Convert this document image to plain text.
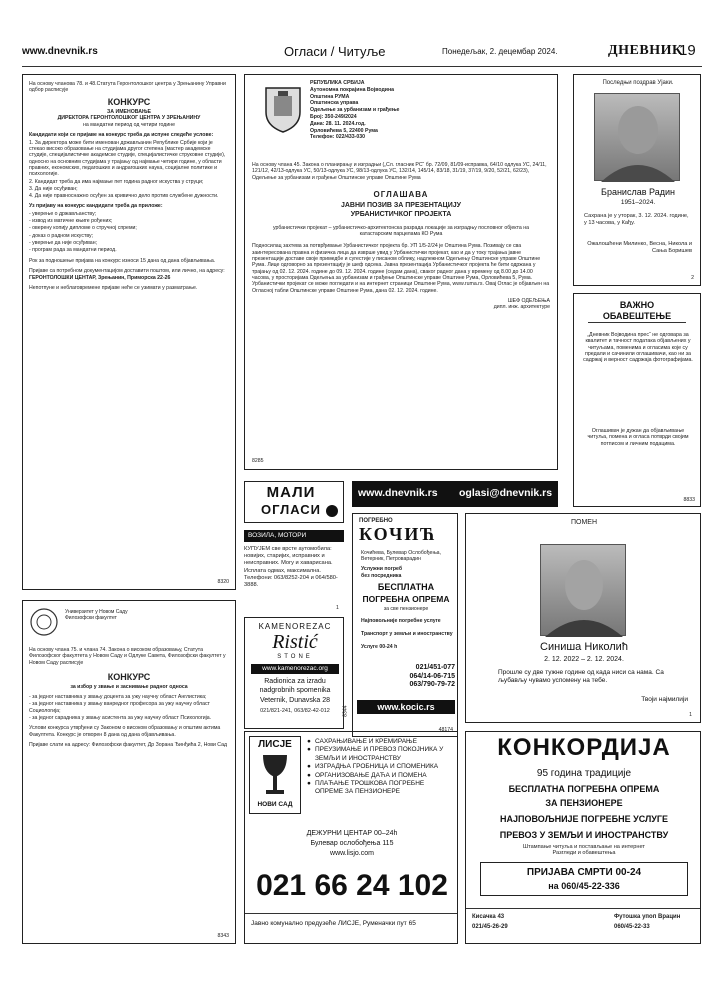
www.dnevnik.rs	Огласи / Читуље	Понедељак, 2. децембар 2024.	ДНЕВНИК
19

На основу чланова 78. и 48.Статута Геронтолошког центра у Зрењанину Управни одбор расписује

КОНКУРС

ЗА ИМЕНОВАЊЕ
ДИРЕКТОРА ГЕРОНТОЛОШКОГ ЦЕНТРА У ЗРЕЊАНИНУ

на мандатни период од четири године

Кандидати који се пријаве на конкурс треба да испуне следеће услове:

1. За директора може бити именован држављанин Републике Србије који је стекао високо образовање на студијама другог степена (мастер академске студије, специјалистичке академске студије, специјалистичке струковне студије), односно на основним студијама у трајању од најмање четири године, у области правних, економских, педагошких и андрагошких наука, социјалне политике и психологије.

2. Кандидат треба да има најмање пет година радног искуства у струци;

3. Да није осуђиван;

4. Да није правноснажно осуђен за кривично дело против службене дужности.

Уз пријаву на конкурс кандидати треба да приложе:

- уверење о држављанству;

- извод из матичне књиге рођених;

- оверену копију дипломе о стручној спреми;

- доказ о радном искуству;

- уверење да није осуђиван;

- програм рада за мандатни период.

Рок за подношење пријава на конкурс износи 15 дана од дана објављивања.

Пријаве са потребном документацијом доставити поштом, или лично, на адресу:

ГЕРОНТОЛОШКИ ЦЕНТАР, Зрењанин, Приморска 22-26

Непотпуне и неблаговремене пријаве неће се узимати у разматрање.

8320
РЕПУБЛИКА СРБИЈА
Аутономна покрајина Војводина
Општина РУМА
Општинска управа
Одељење за урбанизам и грађење
Број: 350-249/2024
Дана: 28. 11. 2024.год.
Орловићева 5, 22400 Рума
Телефон: 022/433-030

На основу члана 45. Закона о планирању и изградњи („Сл. гласник РС“ бр. 72/09, 81/09-исправка, 64/10 одлука УС, 24/11, 121/12, 42/13-одлука УС, 50/13-одлука УС, 98/13-одлука УС, 132/14, 145/14, 83/18, 31/19, 37/19, 9/20, 52/21, 62/23), Одељење за урбанизам и грађење Општинске управе Општине Рума

ОГЛАШАВА

ЈАВНИ ПОЗИВ ЗА ПРЕЗЕНТАЦИЈУ УРБАНИСТИЧКОГ ПРОЈЕКТА

урбанистички пројекат – урбанистичко-архитектонска разрада локације за изградњу пословног објекта на катастарским парцелама КО Рума

Подносилац захтева за потврђивање Урбанистичког пројекта бр. УП 1/5-2/24 је Општина Рума. Позивају се сва заинтересована правна и физичка лица да изврше увид у Урбанистички пројекат, као и да у току трајања јавне презентације доставе своје примедбе и сугестије у писаном облику, надлежном Одељењу Општинске управе Општине Рума. Лице одговорно за презентацију је шеф одсека. Јавна презентација Урбанистичког пројекта ће бити одржана у трајању од 02. 12. 2024. године до 09. 12. 2024. године (седам дана), сваког радног дана у времену од 8.00 до 14.00 часова, у просторијама Одељења за урбанизам и грађење Општинске управе Општине Рума, Орловићева 5, Рума. Урбанистички пројекат се може погледати и на интернет страници Општине Рума, www.ruma.rs. Овај Оглас је објављен на Огласној табли Општинске управе Општине Рума, дана 02. 12. 2024. године.

ШЕФ ОДЕЉЕЊА
дипл. инж. архитектуре

8285
Последњи поздрав Ујаки.
Бранислав Радин
1951–2024.
Сахрана је у уторак, 3. 12. 2024. године, у 13 часова, у Кађу.
Ожалошћени Милинко, Весна, Никола и Сања Боришев
2
ВАЖНО ОБАВЕШТЕЊЕ
„Дневник Војводина прес“ не одговара за квалитет и тачност података објављених у читуљама, поменима и огласима које су предали и сачинили оглашивачи, као ни за садржај и верност садржаја фотографијама.
Оглашивач је дужан да објављивање читуља, помена и огласа потврди својим потписом и личним подацима.
8833
МАЛИ
ОГЛАСИ
ВОЗИЛА, МОТОРИ
КУПУЈЕМ све врсте аутомобила: новијих, старијих, исправних и неисправних. Могу и хаварисана. Исплата одмах, максимална. Телефони: 063/8252-204 и 064/580-3888.
1
www.dnevnik.rs oglasi@dnevnik.rs
ПОГРЕБНО
КОЧИЋ
Кочићева, Булевар Ослобођења, Ветерник, Петроварадин
Услужни погреб
без посредника
БЕСПЛАТНА
ПОГРЕБНА ОПРЕМА
за све пензионере
Најповољније погребне услуге
Транспорт у земљи и иностранству
Услуге 00-24 h
021/451-077
064/14-06-715
063/790-79-72
www.kocic.rs
48174
KAMENOREZAC
Ristić
STONE
www.kamenorezac.org
Radionica za izradu nadgrobnih spomenika
Veternik, Dunavska 28
021/821-241, 063/82-42-012	8344
ПОМЕН
Синиша Николић
2. 12. 2022 – 2. 12. 2024.
Прошле су две тужне године од када ниси са нама. Са љубављу чувамо успомену на тебе.
Твоји најмилији
1
Универзитет у Новом Саду
Филозофски факултет

На основу члана 75. и члана 74. Закона о високом образовању, Статута Филозофског факултета у Новом Саду и Одлуке Савета, Филозофски факултет у Новом Саду расписује

КОНКУРС

за избор у звање и заснивање радног односа

- за једног наставника у звању доцента за ужу научну област Англистика;

- за једног наставника у звању ванредног професора за ужу научну област Социологија;

- за једног сарадника у звању асистента за ужу научну област Психологија.

Услови конкурса утврђени су Законом о високом образовању и општим актима Факултета. Конкурс је отворен 8 дана од дана објављивања.

Пријаве слати на адресу: Филозофски факултет, Др Зорана Ђинђића 2, Нови Сад

8343
ЛИСЈЕ
НОВИ САД
● САХРАЊИВАЊЕ И КРЕМИРАЊЕ
● ПРЕУЗИМАЊЕ И ПРЕВОЗ ПОКОЈНИКА У ЗЕМЉИ И ИНОСТРАНСТВУ
● ИЗГРАДЊА ГРОБНИЦА И СПОМЕНИКА
● ОРГАНИЗОВАЊЕ ДАЋА И ПОМЕНА
● ПЛАЋАЊЕ ТРОШКОВА ПОГРЕБНЕ ОПРЕМЕ ЗА ПЕНЗИОНЕРЕ
ДЕЖУРНИ ЦЕНТАР 00–24h
Булевар ослобођења 115
www.lisjo.com
021 66 24 102
Јавно комунално предузеће ЛИСЈЕ, Руменачки пут 65
КОНКОРДИЈА
95 година традиције
БЕСПЛАТНА ПОГРЕБНА ОПРЕМА
ЗА ПЕНЗИОНЕРЕ
НАЈПОВОЉНИЈЕ ПОГРЕБНЕ УСЛУГЕ
ПРЕВОЗ У ЗЕМЉИ И ИНОСТРАНСТВУ
Штампање читуља и постављање на интернет
Разгледи и обавештења
ПРИЈАВА СМРТИ 00-24
на 060/45-22-336
Кисачка 43
021/45-26-29
Футошка упоп Врацин
060/45-22-33
